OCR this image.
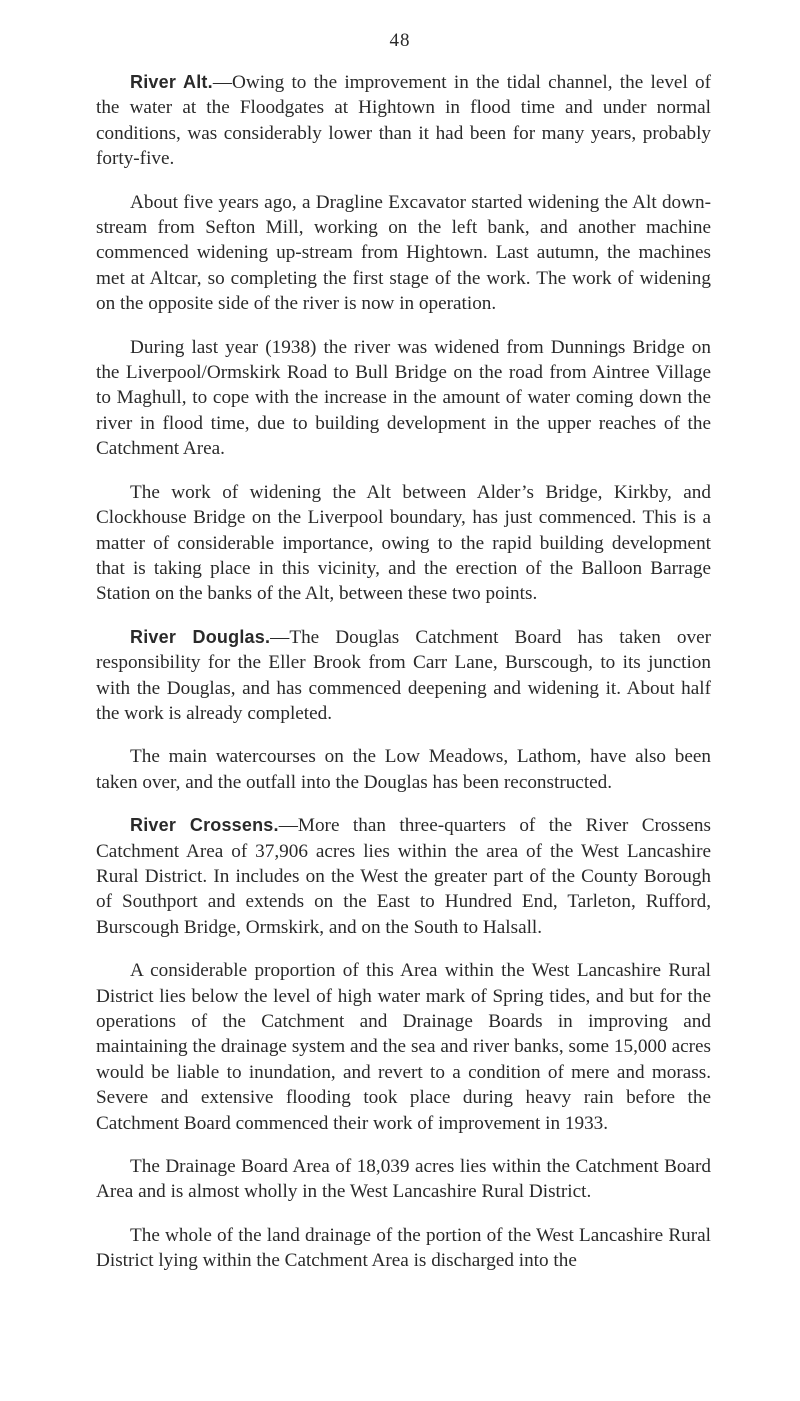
48

River Alt.—Owing to the improvement in the tidal channel, the level of the water at the Floodgates at Hightown in flood time and under normal conditions, was considerably lower than it had been for many years, probably forty-five.

About five years ago, a Dragline Excavator started widening the Alt down-stream from Sefton Mill, working on the left bank, and another machine commenced widening up-stream from Hightown. Last autumn, the machines met at Altcar, so completing the first stage of the work. The work of widening on the opposite side of the river is now in operation.

During last year (1938) the river was widened from Dunnings Bridge on the Liverpool/Ormskirk Road to Bull Bridge on the road from Aintree Village to Maghull, to cope with the increase in the amount of water coming down the river in flood time, due to building development in the upper reaches of the Catchment Area.

The work of widening the Alt between Alder’s Bridge, Kirkby, and Clockhouse Bridge on the Liverpool boundary, has just commenced. This is a matter of considerable importance, owing to the rapid building development that is taking place in this vicinity, and the erection of the Balloon Barrage Station on the banks of the Alt, between these two points.

River Douglas.—The Douglas Catchment Board has taken over responsibility for the Eller Brook from Carr Lane, Burscough, to its junction with the Douglas, and has commenced deepening and widening it. About half the work is already completed.

The main watercourses on the Low Meadows, Lathom, have also been taken over, and the outfall into the Douglas has been reconstructed.

River Crossens.—More than three-quarters of the River Crossens Catchment Area of 37,906 acres lies within the area of the West Lancashire Rural District. In includes on the West the greater part of the County Borough of Southport and extends on the East to Hundred End, Tarleton, Rufford, Burscough Bridge, Ormskirk, and on the South to Halsall.

A considerable proportion of this Area within the West Lancashire Rural District lies below the level of high water mark of Spring tides, and but for the operations of the Catchment and Drainage Boards in improving and maintaining the drainage system and the sea and river banks, some 15,000 acres would be liable to inundation, and revert to a condition of mere and morass. Severe and extensive flooding took place during heavy rain before the Catchment Board commenced their work of improvement in 1933.

The Drainage Board Area of 18,039 acres lies within the Catchment Board Area and is almost wholly in the West Lancashire Rural District.

The whole of the land drainage of the portion of the West Lancashire Rural District lying within the Catchment Area is discharged into the
